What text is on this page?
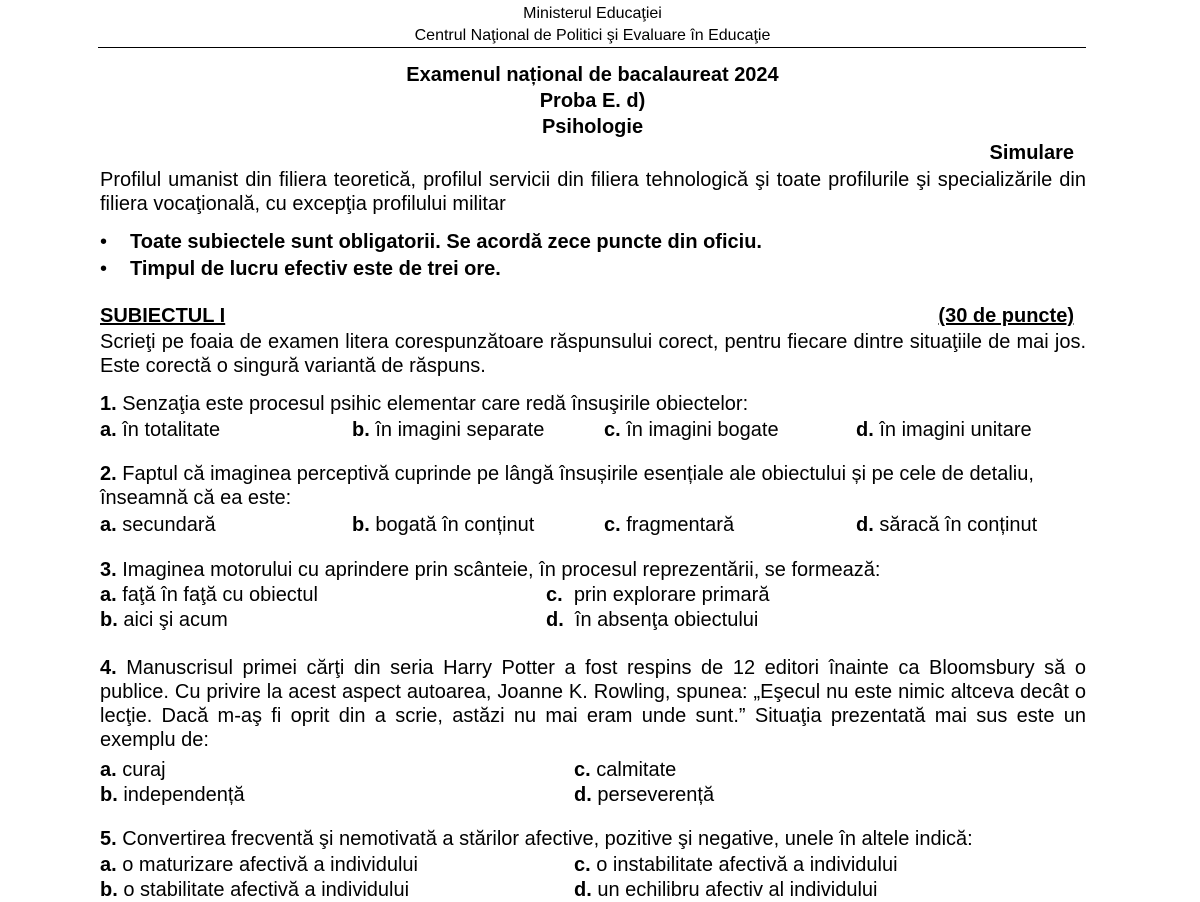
Ministerul Educaţiei
Centrul Naţional de Politici şi Evaluare în Educaţie
Examenul național de bacalaureat 2024
Proba E. d)
Psihologie
Simulare
Profilul umanist din filiera teoretică, profilul servicii din filiera tehnologică şi toate profilurile şi specializările din filiera vocaţională, cu excepţia profilului militar
• Toate subiectele sunt obligatorii. Se acordă zece puncte din oficiu.
• Timpul de lucru efectiv este de trei ore.
SUBIECTUL I	(30 de puncte)
Scrieţi pe foaia de examen litera corespunzătoare răspunsului corect, pentru fiecare dintre situaţiile de mai jos. Este corectă o singură variantă de răspuns.
1. Senzaţia este procesul psihic elementar care redă însuşirile obiectelor:
a. în totalitate	b. în imagini separate	c. în imagini bogate	d. în imagini unitare
2. Faptul că imaginea perceptivă cuprinde pe lângă însușirile esențiale ale obiectului și pe cele de detaliu, înseamnă că ea este:
a. secundară	b. bogată în conținut	c. fragmentară	d. săracă în conținut
3. Imaginea motorului cu aprindere prin scânteie, în procesul reprezentării, se formează:
a. faţă în faţă cu obiectul
b. aici şi acum
c. prin explorare primară
d. în absenţa obiectului
4. Manuscrisul primei cărţi din seria Harry Potter a fost respins de 12 editori înainte ca Bloomsbury să o publice. Cu privire la acest aspect autoarea, Joanne K. Rowling, spunea: „Eşecul nu este nimic altceva decât o lecţie. Dacă m-aş fi oprit din a scrie, astăzi nu mai eram unde sunt.” Situaţia prezentată mai sus este un exemplu de:
a. curaj
b. independență
c. calmitate
d. perseverență
5. Convertirea frecventă şi nemotivată a stărilor afective, pozitive şi negative, unele în altele indică:
a. o maturizare afectivă a individului
b. o stabilitate afectivă a individului
c. o instabilitate afectivă a individului
d. un echilibru afectiv al individului
